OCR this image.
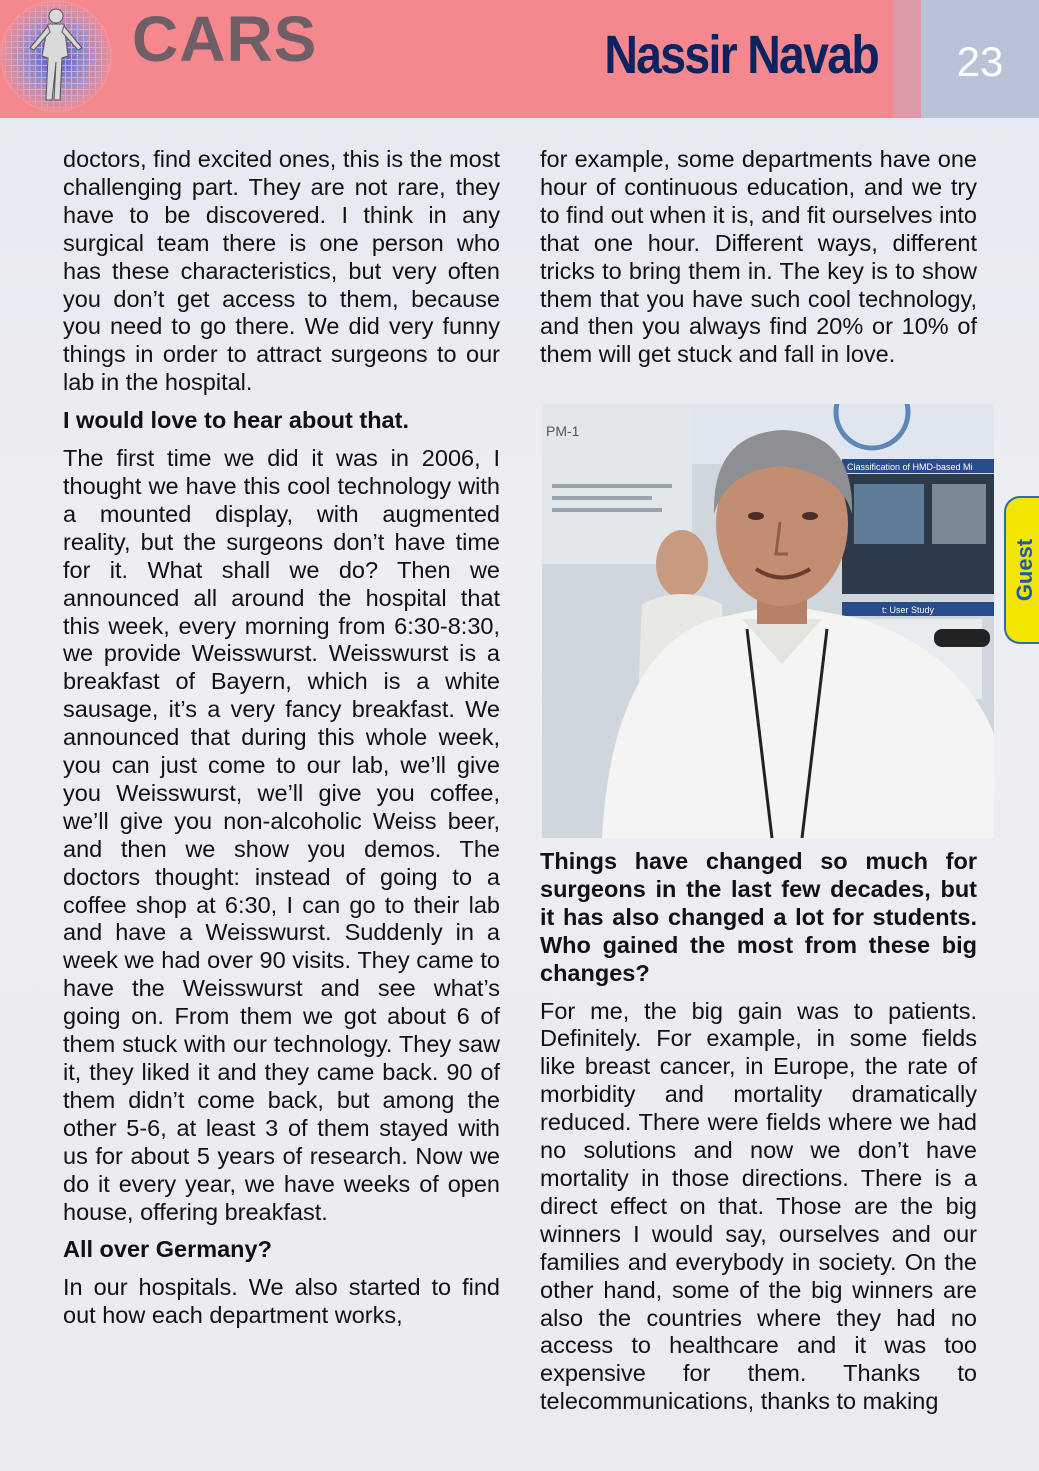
CARS	Nassir Navab	23
Guest

doctors, find excited ones, this is the most challenging part. They are not rare, they have to be discovered. I think in any surgical team there is one person who has these characteristics, but very often you don’t get access to them, because you need to go there. We did very funny things in order to attract surgeons to our lab in the hospital.

I would love to hear about that.

The first time we did it was in 2006, I thought we have this cool technology with a mounted display, with augmented reality, but the surgeons don’t have time for it. What shall we do? Then we announced all around the hospital that this week, every morning from 6:30-8:30, we provide Weisswurst. Weisswurst is a breakfast of Bayern, which is a white sausage, it’s a very fancy breakfast. We announced that during this whole week, you can just come to our lab, we’ll give you Weisswurst, we’ll give you coffee, we’ll give you non-alcoholic Weiss beer, and then we show you demos. The doctors thought: instead of going to a coffee shop at 6:30, I can go to their lab and have a Weisswurst. Suddenly in a week we had over 90 visits. They came to have the Weisswurst and see what’s going on. From them we got about 6 of them stuck with our technology. They saw it, they liked it and they came back. 90 of them didn’t come back, but among the other 5-6, at least 3 of them stayed with us for about 5 years of research. Now we do it every year, we have weeks of open house, offering breakfast.

All over Germany?

In our hospitals. We also started to find out how each department works,

for example, some departments have one hour of continuous education, and we try to find out when it is, and fit ourselves into that one hour. Different ways, different tricks to bring them in. The key is to show them that you have such cool technology, and then you always find 20% or 10% of them will get stuck and fall in love.

PM-1
Classification of HMD-based Mi
t: User Study

Things have changed so much for surgeons in the last few decades, but it has also changed a lot for students. Who gained the most from these big changes?

For me, the big gain was to patients. Definitely. For example, in some fields like breast cancer, in Europe, the rate of morbidity and mortality dramatically reduced. There were fields where we had no solutions and now we don’t have mortality in those directions. There is a direct effect on that. Those are the big winners I would say, ourselves and our families and everybody in society. On the other hand, some of the big winners are also the countries where they had no access to healthcare and it was too expensive for them. Thanks to telecommunications, thanks to making
